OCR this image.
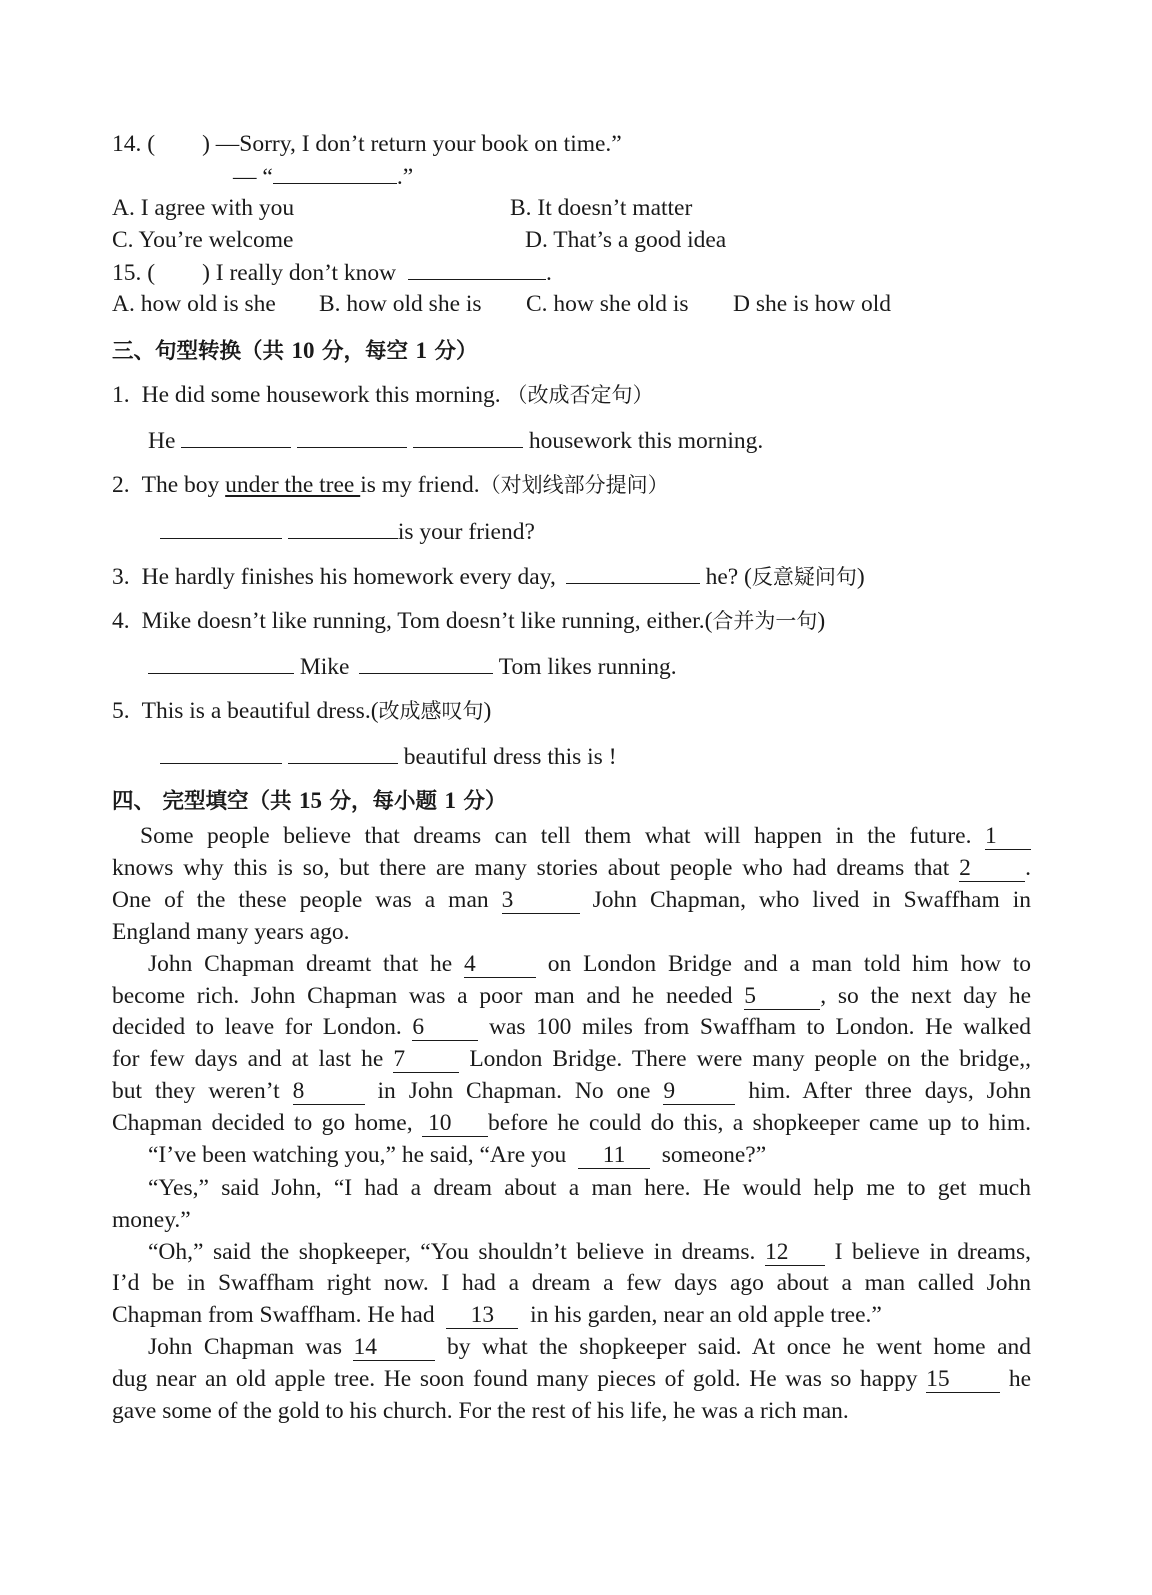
14. (        ) —Sorry, I don’t return your book on time.”
— “	.”
A. I agree with you	B. It doesn’t matter
C. You’re welcome	D. That’s a good idea
15. (        ) I really don’t know	.
A. how old is she B. how old she is C. how she old is D she is how old
三、句型转换（共 10 分，每空 1 分）
1. He did some housework this morning. （改成否定句）
He	housework this morning.
2. The boy under the tree is my friend.（对划线部分提问）
is your friend?
3. He hardly finishes his homework every day,	he? (反意疑问句)
4. Mike doesn’t like running, Tom doesn’t like running, either.(合并为一句)
Mike	Tom likes running.
5. This is a beautiful dress.(改成感叹句)
beautiful dress this is !
四、 完型填空（共 15 分，每小题 1 分）
Some people believe that dreams can tell them what will happen in the future. 1
knows why this is so, but there are many stories about people who had dreams that 2 .
One of the these people was a man 3	John Chapman, who lived in Swaffham in
England many years ago.
John Chapman dreamt that he 4	on London Bridge and a man told him how to
become rich. John Chapman was a poor man and he needed 5	, so the next day he
decided to leave for London. 6	was 100 miles from Swaffham to London. He walked
for few days and at last he 7	London Bridge. There were many people on the bridge,,
but they weren’t 8	in John Chapman. No one 9	him. After three days, John
Chapman decided to go home, 10 before he could do this, a shopkeeper came up to him.
“I’ve been watching you,” he said, “Are you 11 someone?”
“Yes,” said John, “I had a dream about a man here. He would help me to get much
money.”
“Oh,” said the shopkeeper, “You shouldn’t believe in dreams. 12 I believe in dreams,
I’d be in Swaffham right now. I had a dream a few days ago about a man called John
Chapman from Swaffham. He had 13 in his garden, near an old apple tree.”
John Chapman was 14	by what the shopkeeper said. At once he went home and
dug near an old apple tree. He soon found many pieces of gold. He was so happy 15	he
gave some of the gold to his church. For the rest of his life, he was a rich man.
